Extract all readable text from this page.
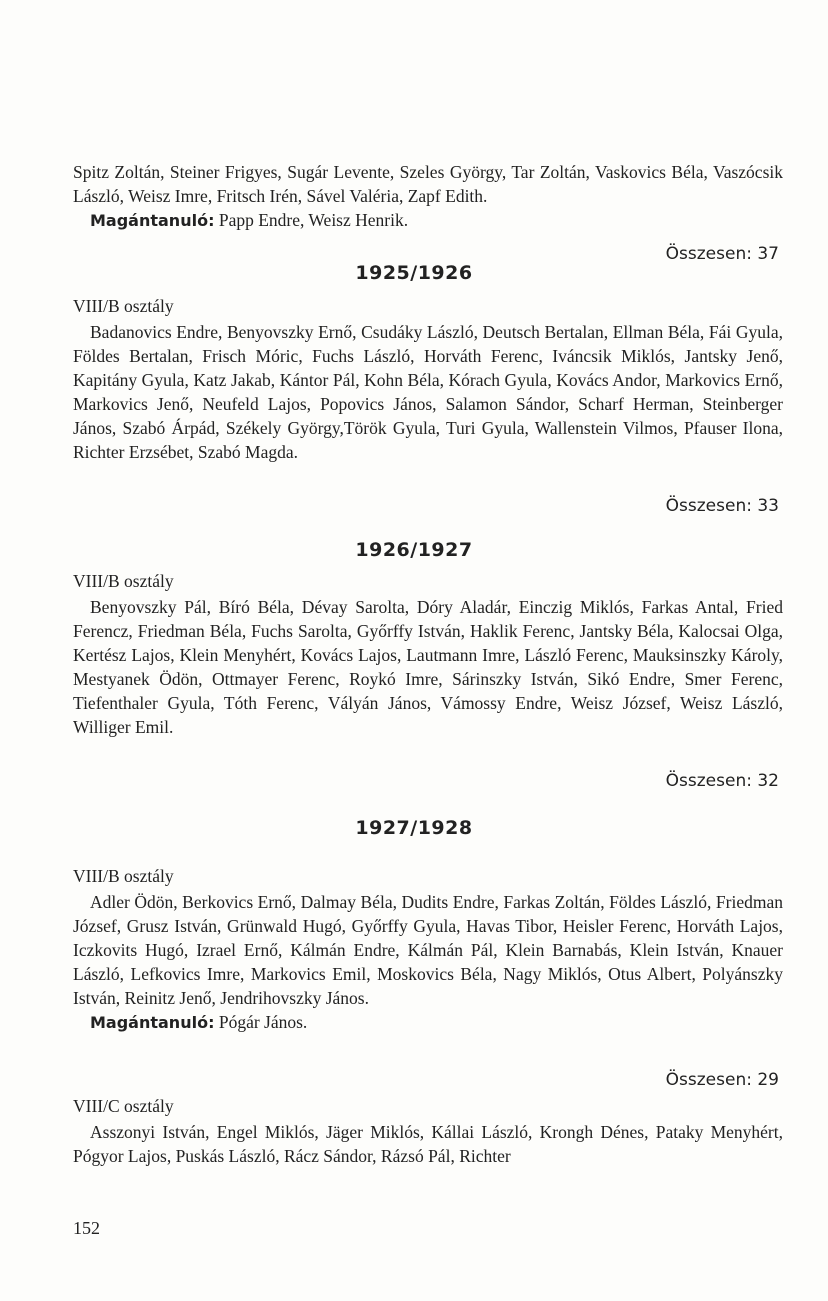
Spitz Zoltán, Steiner Frigyes, Sugár Levente, Szeles György, Tar Zoltán, Vaskovics Béla, Vaszócsik László, Weisz Imre, Fritsch Irén, Sável Valéria, Zapf Edith.
Magántanuló: Papp Endre, Weisz Henrik.
Összesen: 37
1925/1926
VIII/B osztály
Badanovics Endre, Benyovszky Ernő, Csudáky László, Deutsch Bertalan, Ellman Béla, Fái Gyula, Földes Bertalan, Frisch Móric, Fuchs László, Horváth Ferenc, Iváncsik Miklós, Jantsky Jenő, Kapitány Gyula, Katz Jakab, Kántor Pál, Kohn Béla, Kórach Gyula, Kovács Andor, Markovics Ernő, Markovics Jenő, Neufeld Lajos, Popovics János, Salamon Sándor, Scharf Herman, Steinberger János, Szabó Árpád, Székely György,Török Gyula, Turi Gyula, Wallenstein Vilmos, Pfauser Ilona, Richter Erzsébet, Szabó Magda.
Összesen: 33
1926/1927
VIII/B osztály
Benyovszky Pál, Bíró Béla, Dévay Sarolta, Dóry Aladár, Einczig Miklós, Farkas Antal, Fried Ferencz, Friedman Béla, Fuchs Sarolta, Győrffy István, Haklik Ferenc, Jantsky Béla, Kalocsai Olga, Kertész Lajos, Klein Menyhért, Kovács Lajos, Lautmann Imre, László Ferenc, Mauksinszky Károly, Mestyanek Ödön, Ottmayer Ferenc, Roykó Imre, Sárinszky István, Sikó Endre, Smer Ferenc, Tiefenthaler Gyula, Tóth Ferenc, Vályán János, Vámossy Endre, Weisz József, Weisz László, Williger Emil.
Összesen: 32
1927/1928
VIII/B osztály
Adler Ödön, Berkovics Ernő, Dalmay Béla, Dudits Endre, Farkas Zoltán, Földes László, Friedman József, Grusz István, Grünwald Hugó, Győrffy Gyula, Havas Tibor, Heisler Ferenc, Horváth Lajos, Iczkovits Hugó, Izrael Ernő, Kálmán Endre, Kálmán Pál, Klein Barnabás, Klein István, Knauer László, Lefkovics Imre, Markovics Emil, Moskovics Béla, Nagy Miklós, Otus Albert, Polyánszky István, Reinitz Jenő, Jendrihovszky János.
Magántanuló: Pógár János.
Összesen: 29
VIII/C osztály
Asszonyi István, Engel Miklós, Jäger Miklós, Kállai László, Krongh Dénes, Pataky Menyhért, Pógyor Lajos, Puskás László, Rácz Sándor, Rázsó Pál, Richter
152
